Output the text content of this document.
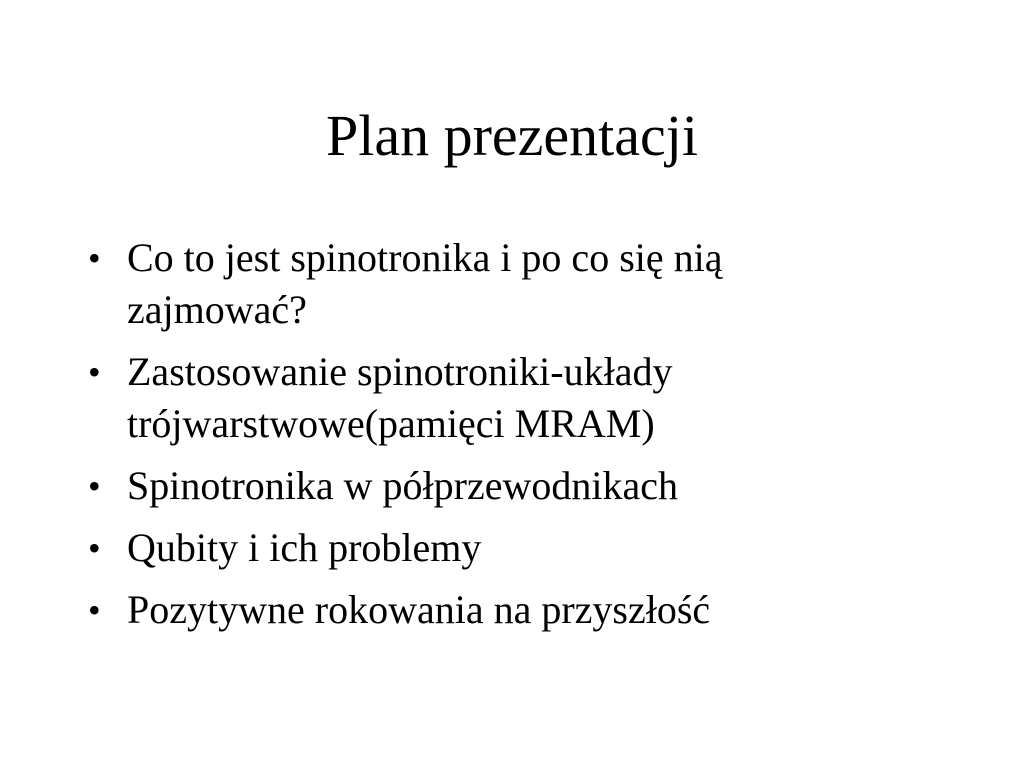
Plan prezentacji
• Co to jest spinotronika i po co się nią zajmować?
• Zastosowanie spinotroniki-układy trójwarstwowe(pamięci MRAM)
• Spinotronika w półprzewodnikach
• Qubity i ich problemy
• Pozytywne rokowania na przyszłość
